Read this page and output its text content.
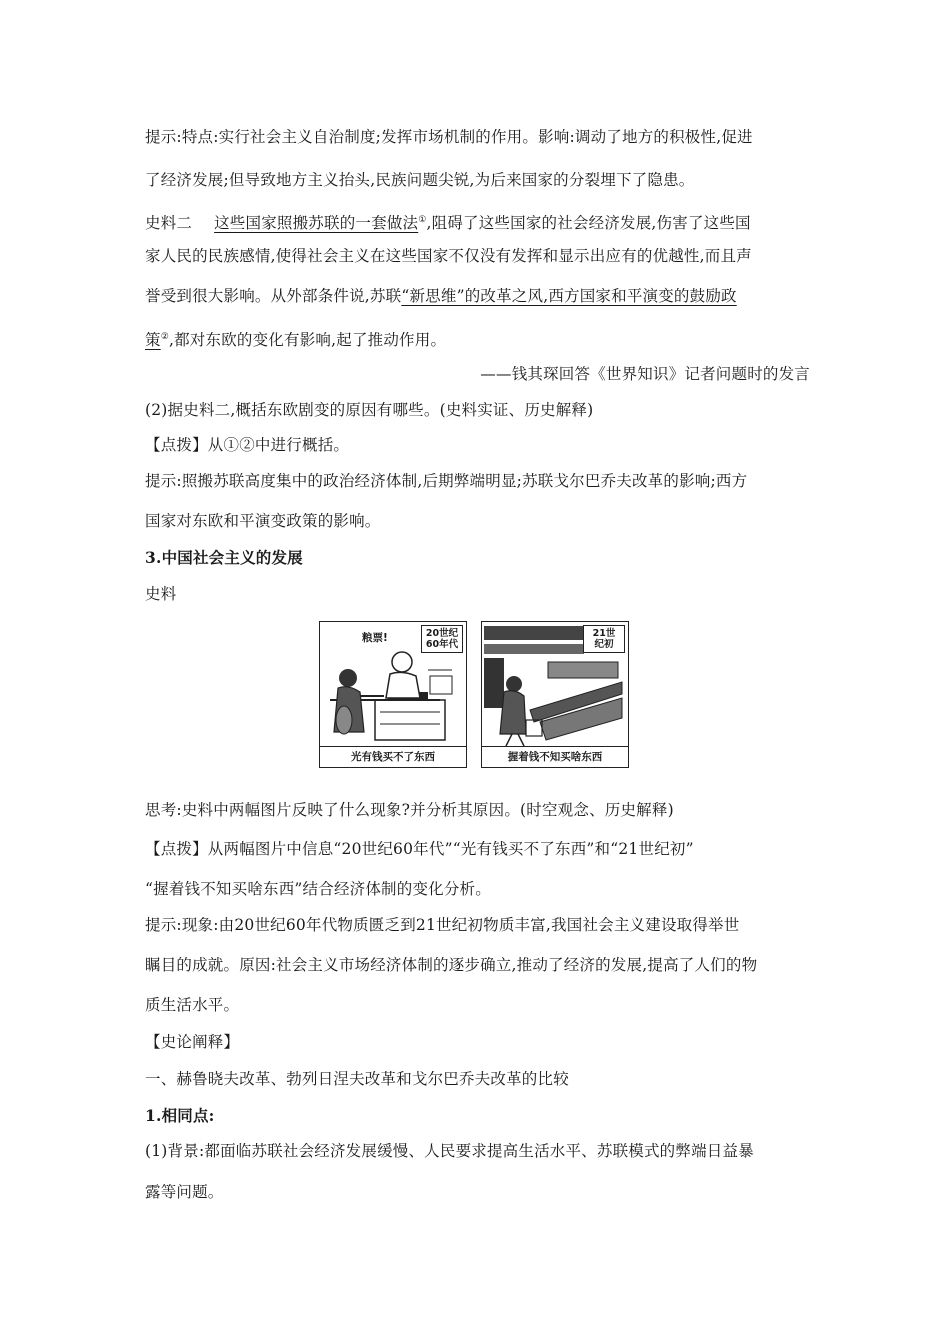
提示:特点:实行社会主义自治制度;发挥市场机制的作用。影响:调动了地方的积极性,促进
了经济发展;但导致地方主义抬头,民族问题尖锐,为后来国家的分裂埋下了隐患。
史料二 这些国家照搬苏联的一套做法①,阻碍了这些国家的社会经济发展,伤害了这些国
家人民的民族感情,使得社会主义在这些国家不仅没有发挥和显示出应有的优越性,而且声
誉受到很大影响。从外部条件说,苏联“新思维”的改革之风,西方国家和平演变的鼓励政
策②,都对东欧的变化有影响,起了推动作用。
——钱其琛回答《世界知识》记者问题时的发言
(2)据史料二,概括东欧剧变的原因有哪些。(史料实证、历史解释)
【点拨】从①②中进行概括。
提示:照搬苏联高度集中的政治经济体制,后期弊端明显;苏联戈尔巴乔夫改革的影响;西方
国家对东欧和平演变政策的影响。
3.中国社会主义的发展
史料
粮票!	20世纪
60年代
光有钱买不了东西
21世
纪初
握着钱不知买啥东西
思考:史料中两幅图片反映了什么现象?并分析其原因。(时空观念、历史解释)
【点拨】从两幅图片中信息“20世纪60年代”“光有钱买不了东西”和“21世纪初”
“握着钱不知买啥东西”结合经济体制的变化分析。
提示:现象:由20世纪60年代物质匮乏到21世纪初物质丰富,我国社会主义建设取得举世
瞩目的成就。原因:社会主义市场经济体制的逐步确立,推动了经济的发展,提高了人们的物
质生活水平。
【史论阐释】
一、赫鲁晓夫改革、勃列日涅夫改革和戈尔巴乔夫改革的比较
1.相同点:
(1)背景:都面临苏联社会经济发展缓慢、人民要求提高生活水平、苏联模式的弊端日益暴
露等问题。
